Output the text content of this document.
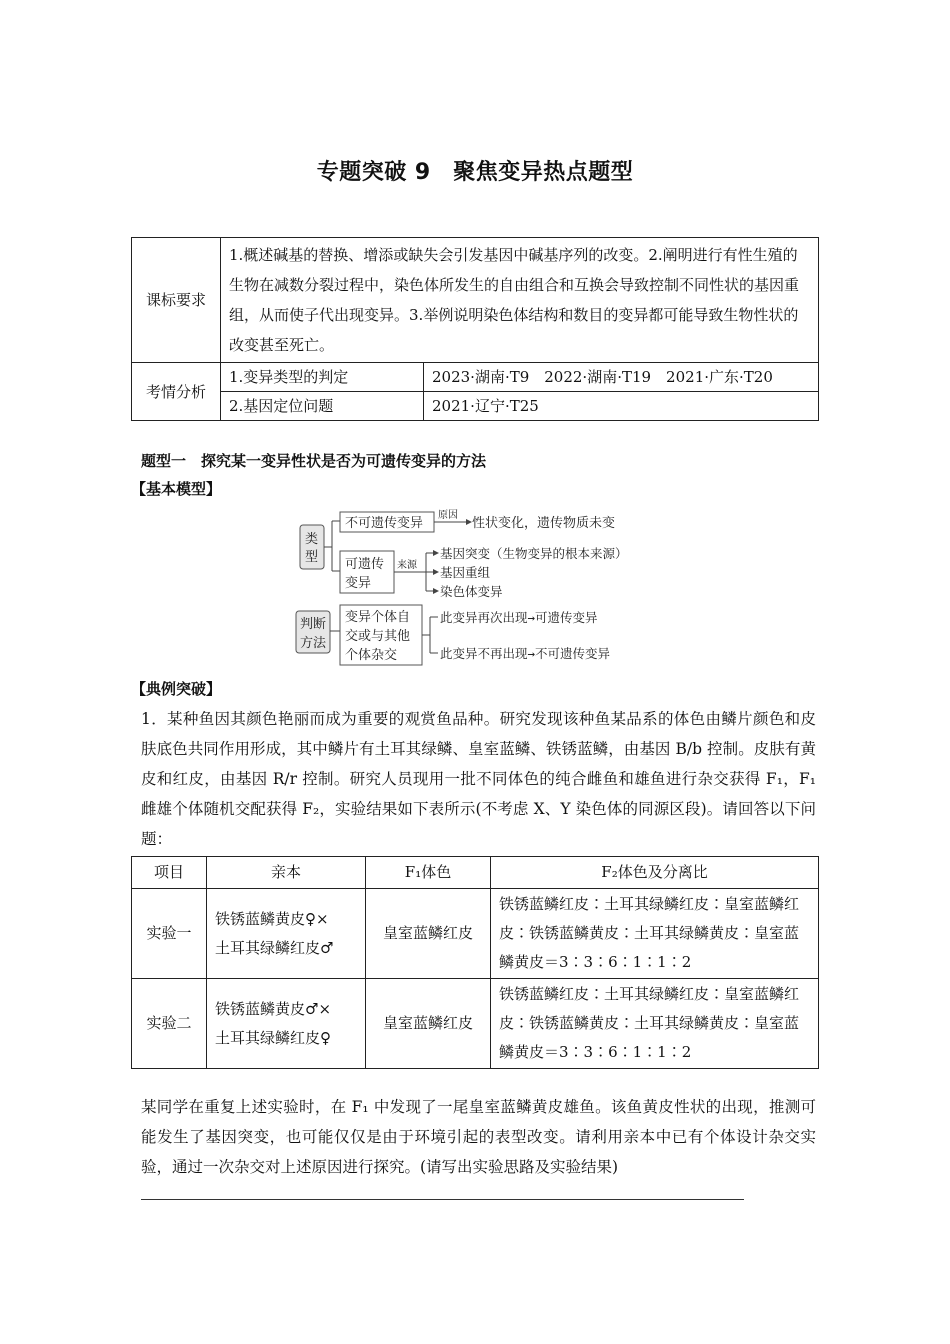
专题突破 9　聚焦变异热点题型
课标要求	1.概述碱基的替换、增添或缺失会引发基因中碱基序列的改变。2.阐明进行有性生殖的生物在减数分裂过程中，染色体所发生的自由组合和互换会导致控制不同性状的基因重组，从而使子代出现变异。3.举例说明染色体结构和数目的变异都可能导致生物性状的改变甚至死亡。	
考情分析	1.变异类型的判定	2023·湖南·T9　2022·湖南·T19　2021·广东·T20
	2.基因定位问题	2021·辽宁·T25
题型一　探究某一变异性状是否为可遗传变异的方法
【基本模型】
类
型
不可遗传变异
原因
性状变化，遗传物质未变
可遗传
变异
来源
基因突变（生物变异的根本来源）
基因重组
染色体变异
判断
方法
变异个体自
交或与其他
个体杂交
此变异再次出现→可遗传变异
此变异不再出现→不可遗传变异
【典例突破】
1．某种鱼因其颜色艳丽而成为重要的观赏鱼品种。研究发现该种鱼某品系的体色由鳞片颜色和皮肤底色共同作用形成，其中鳞片有土耳其绿鳞、皇室蓝鳞、铁锈蓝鳞，由基因 B/b 控制。皮肤有黄皮和红皮，由基因 R/r 控制。研究人员现用一批不同体色的纯合雌鱼和雄鱼进行杂交获得 F₁，F₁ 雌雄个体随机交配获得 F₂，实验结果如下表所示(不考虑 X、Y 染色体的同源区段)。请回答以下问题：
项目	亲本	F₁体色	F₂体色及分离比
实验一	铁锈蓝鳞黄皮♀×
土耳其绿鳞红皮♂	皇室蓝鳞红皮	铁锈蓝鳞红皮∶土耳其绿鳞红皮∶皇室蓝鳞红皮∶铁锈蓝鳞黄皮∶土耳其绿鳞黄皮∶皇室蓝鳞黄皮＝3∶3∶6∶1∶1∶2
实验二	铁锈蓝鳞黄皮♂×
土耳其绿鳞红皮♀	皇室蓝鳞红皮	铁锈蓝鳞红皮∶土耳其绿鳞红皮∶皇室蓝鳞红皮∶铁锈蓝鳞黄皮∶土耳其绿鳞黄皮∶皇室蓝鳞黄皮＝3∶3∶6∶1∶1∶2
某同学在重复上述实验时，在 F₁ 中发现了一尾皇室蓝鳞黄皮雄鱼。该鱼黄皮性状的出现，推测可能发生了基因突变，也可能仅仅是由于环境引起的表型改变。请利用亲本中已有个体设计杂交实验，通过一次杂交对上述原因进行探究。(请写出实验思路及实验结果)
